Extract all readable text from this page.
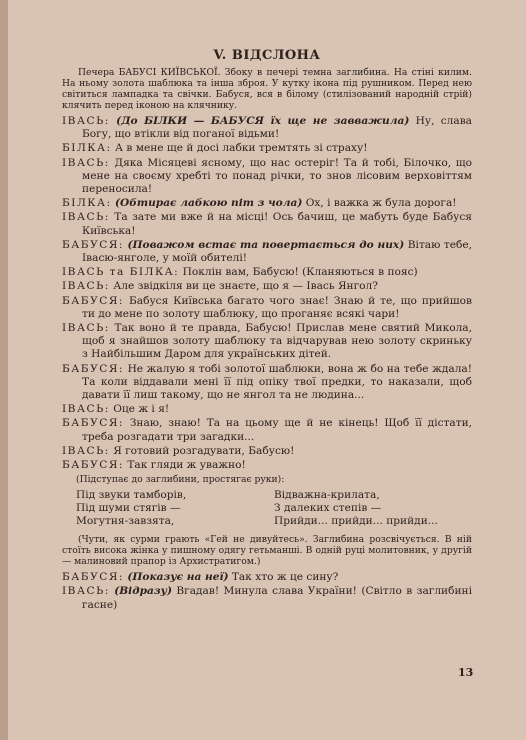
V. ВІДСЛОНА

Печера БАБУСІ КИЇВСЬКОЇ. Збоку в печері темна заглибина. На стіні килим. На ньому золота шаблюка та інша зброя. У кутку ікона під рушником. Перед нею світиться лампадка та свічки. Бабуся, вся в білому (стилізований народній стрій) клячить перед іконою на клячнику.

ІВАСЬ: (До БІЛКИ — БАБУСЯ їх ще не завважила) Ну, слава Богу, що втікли від поганої відьми!

БІЛКА: А в мене ще й досі лабки тремтять зі страху!

ІВАСЬ: Дяка Місяцеві ясному, що нас остеріг! Та й тобі, Білочко, що мене на своєму хребті то понад річки, то знов лісовим верховіттям переносила!

БІЛКА: (Обтирає лабкою піт з чола) Ох, і важка ж була дорога!

ІВАСЬ: Та зате ми вже й на місці! Ось бачиш, це мабуть буде Бабуся Київська!

БАБУСЯ: (Поважом встає та повертається до них) Вітаю тебе, Івасю-янголе, у моїй обителі!

ІВАСЬ та БІЛКА: Поклін вам, Бабусю! (Кланяються в пояс)

ІВАСЬ: Але звідкіля ви це знаєте, що я — Івась Янгол?

БАБУСЯ: Бабуся Київська багато чого знає! Знаю й те, що прийшов ти до мене по золоту шаблюку, що проганяє всякі чари!

ІВАСЬ: Так воно й те правда, Бабусю! Прислав мене святий Микола, щоб я знайшов золоту шаблюку та відчарував нею золоту скриньку з Найбільшим Даром для українських дітей.

БАБУСЯ: Не жалую я тобі золотої шаблюки, вона ж бо на тебе ждала! Та коли віддавали мені її під опіку твої предки, то наказали, щоб давати її лиш такому, що не янгол та не людина...

ІВАСЬ: Оце ж і я!

БАБУСЯ: Знаю, знаю! Та на цьому ще й не кінець! Щоб її дістати, треба розгадати три загадки...

ІВАСЬ: Я готовий розгадувати, Бабусю!

БАБУСЯ: Так гляди ж уважно!

(Підступає до заглибини, простягає руки):

Під звуки тамборів,
Під шуми стягів —
Могутня-завзята,
Відважна-крилата,
З далеких степів —
Прийди... прийди... прийди...

(Чути, як сурми грають «Гей не дивуйтесь». Заглибина розсвічується. В ній стоїть висока жінка у пишному одягу гетьманші. В одній руці молитовник, у другій — малиновий прапор із Архистратигом.)

БАБУСЯ: (Показує на неї) Так хто ж це сину?

ІВАСЬ: (Відразу) Вгадав! Минула слава України! (Світло в заглибині гасне)

13
